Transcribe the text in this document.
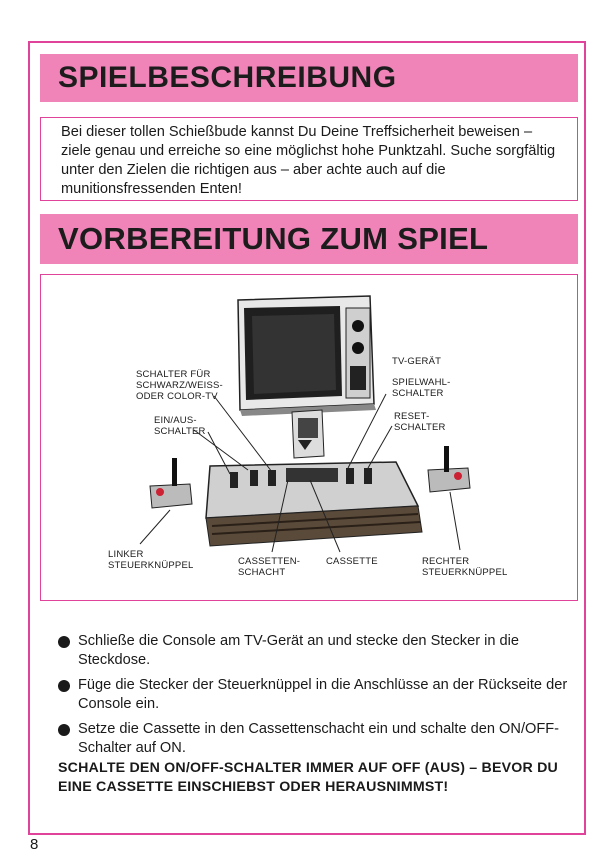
SPIELBESCHREIBUNG
Bei dieser tollen Schießbude kannst Du Deine Treffsicherheit beweisen – ziele genau und erreiche so eine möglichst hohe Punktzahl. Suche sorgfältig unter den Zielen die richtigen aus – aber achte auch auf die munitionsfressenden Enten!
VORBEREITUNG ZUM SPIEL
SCHALTER FÜR
SCHWARZ/WEISS-
ODER COLOR-TV
EIN/AUS-
SCHALTER
TV-GERÄT
SPIELWAHL-
SCHALTER
RESET-
SCHALTER
LINKER
STEUERKNÜPPEL	CASSETTEN-
SCHACHT
CASSETTE	RECHTER
STEUERKNÜPPEL
Schließe die Console am TV-Gerät an und stecke den Stecker in die Steckdose.
Füge die Stecker der Steuerknüppel in die Anschlüsse an der Rückseite der Console ein.
Setze die Cassette in den Cassettenschacht ein und schalte den ON/OFF-Schalter auf ON.
SCHALTE DEN ON/OFF-SCHALTER IMMER AUF OFF (AUS) – BEVOR DU EINE CASSETTE EINSCHIEBST ODER HERAUSNIMMST!
8
